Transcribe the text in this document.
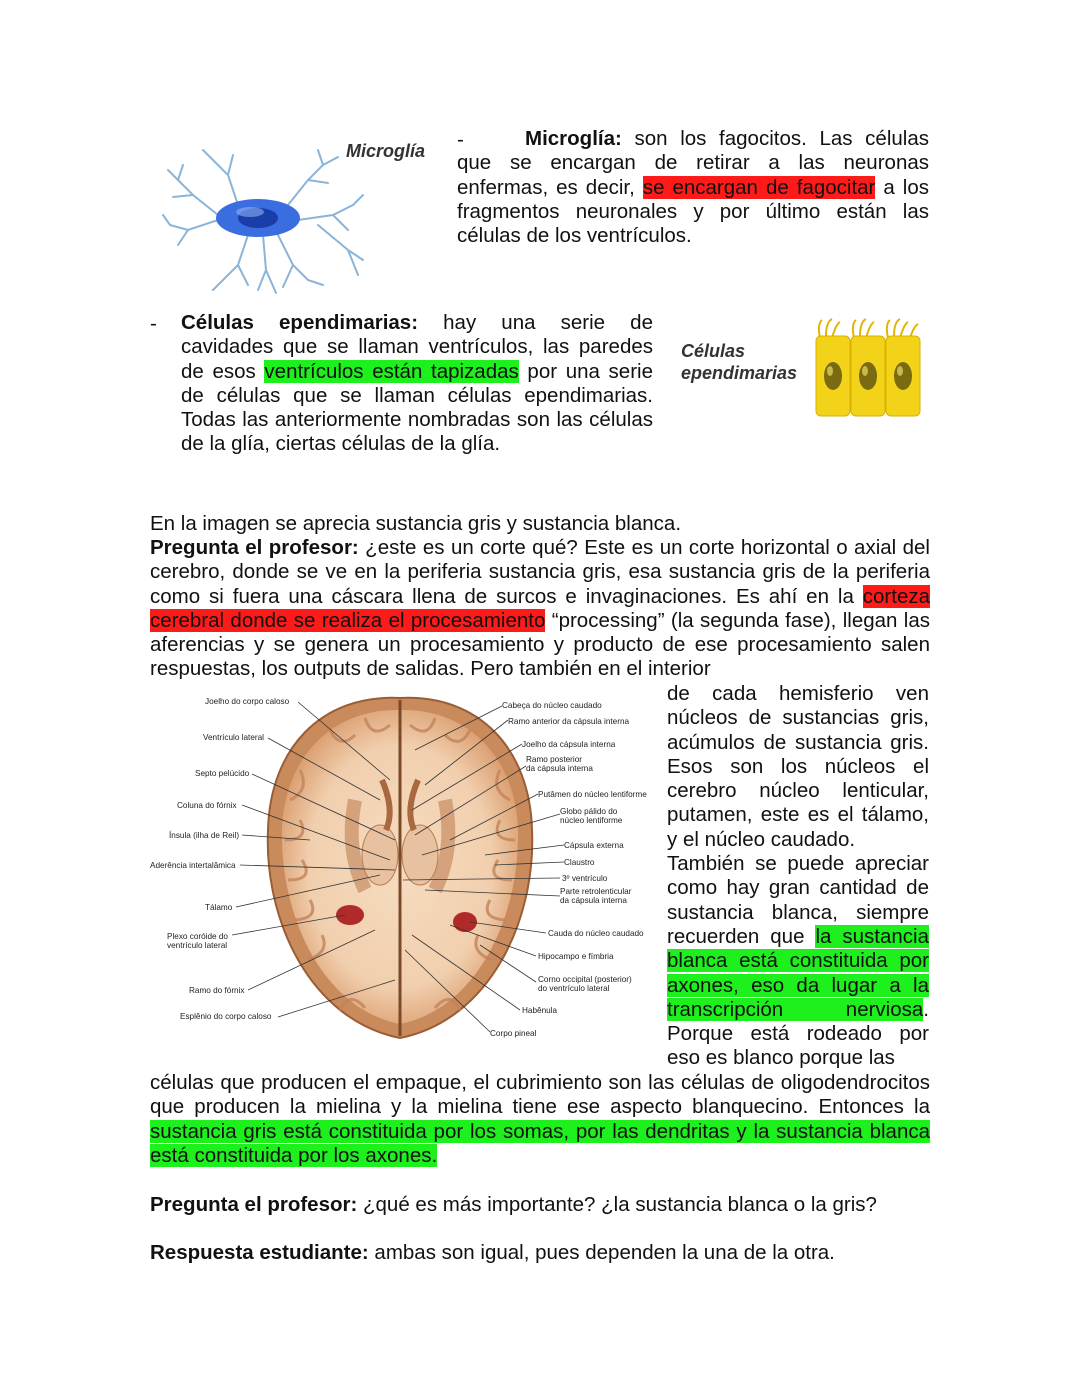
Microglía -	Microglía: son los fagocitos. Las células que se encargan de retirar a las neuronas enfermas, es decir, se encargan de fagocitar a los fragmentos neuronales y por último están las células de los ventrículos.
- Células ependimarias: hay una serie de cavidades que se llaman ventrículos, las paredes de esos ventrículos están tapizadas por una serie de células que se llaman células ependimarias. Todas las anteriormente nombradas son las células de la glía, ciertas células de la glía.
Células
ependimarias
En la imagen se aprecia sustancia gris y sustancia blanca.
Pregunta el profesor: ¿este es un corte qué? Este es un corte horizontal o axial del cerebro, donde se ve en la periferia sustancia gris, esa sustancia gris de la periferia como si fuera una cáscara llena de surcos e invaginaciones. Es ahí en la corteza cerebral donde se realiza el procesamiento “processing” (la segunda fase), llegan las aferencias y se genera un procesamiento y producto de ese procesamiento salen respuestas, los outputs de salidas. Pero también en el interior
Joelho do corpo caloso
Ventrículo lateral
Septo pelúcido
Coluna do fórnix
Ínsula (ilha de Reil)
Aderência intertalâmica
Tálamo
Plexo coróide do
ventrículo lateral
Ramo do fórnix
Esplênio do corpo caloso
Cabeça do núcleo caudado
Ramo anterior da cápsula interna
Joelho da cápsula interna
Ramo posterior
da cápsula interna
Putâmen do núcleo lentiforme
Globo pálido do
núcleo lentiforme
Cápsula externa
Claustro
3º ventrículo
Parte retrolenticular
da cápsula interna
Cauda do núcleo caudado
Hipocampo e fímbria
Corno occipital (posterior)
do ventrículo lateral
Habênula
Corpo pineal
de cada hemisferio ven núcleos de sustancias gris, acúmulos de sustancia gris. Esos son los núcleos el cerebro núcleo lenticular, putamen, este es el tálamo, y el núcleo caudado.
También se puede apreciar como hay gran cantidad de sustancia blanca, siempre recuerden que la sustancia blanca está constituida por axones, eso da lugar a la transcripción nerviosa. Porque está rodeado por eso es blanco porque las
células que producen el empaque, el cubrimiento son las células de oligodendrocitos que producen la mielina y la mielina tiene ese aspecto blanquecino. Entonces la sustancia gris está constituida por los somas, por las dendritas y la sustancia blanca está constituida por los axones.
Pregunta el profesor: ¿qué es más importante? ¿la sustancia blanca o la gris?
Respuesta estudiante: ambas son igual, pues dependen la una de la otra.
